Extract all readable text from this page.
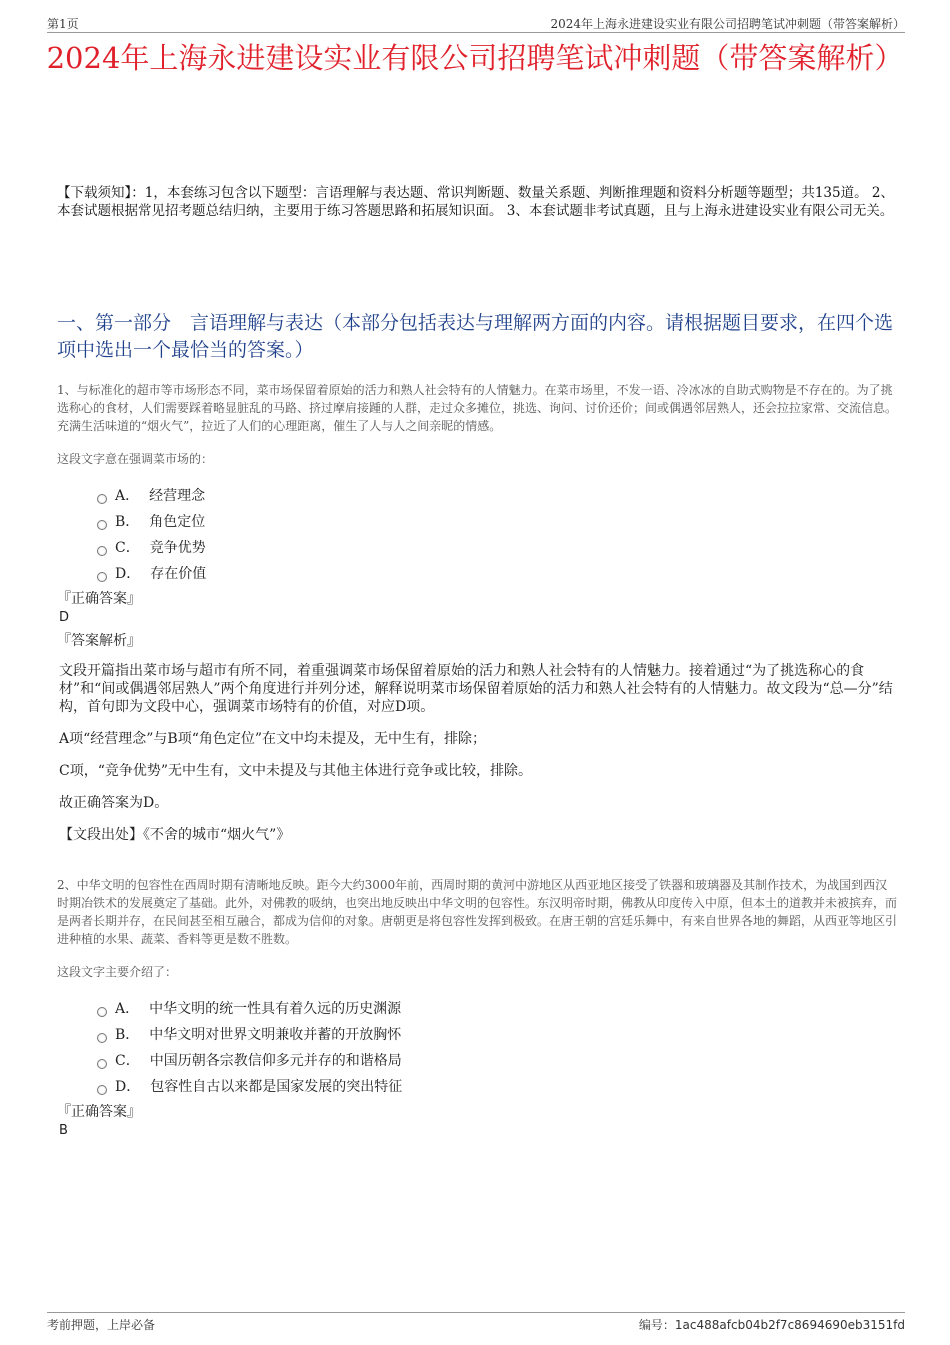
第1页	2024年上海永进建设实业有限公司招聘笔试冲刺题（带答案解析）
2024年上海永进建设实业有限公司招聘笔试冲刺题（带答案解析）

【下载须知】：1，本套练习包含以下题型：言语理解与表达题、常识判断题、数量关系题、判断推理题和资料分析题等题型；共135道。 2、本套试题根据常见招考题总结归纳，主要用于练习答题思路和拓展知识面。 3、本套试题非考试真题，且与上海永进建设实业有限公司无关。

一、第一部分　言语理解与表达（本部分包括表达与理解两方面的内容。请根据题目要求，在四个选项中选出一个最恰当的答案。）

1、与标准化的超市等市场形态不同，菜市场保留着原始的活力和熟人社会特有的人情魅力。在菜市场里，不发一语、冷冰冰的自助式购物是不存在的。为了挑选称心的食材，人们需要踩着略显脏乱的马路、挤过摩肩接踵的人群，走过众多摊位，挑选、询问、讨价还价；间或偶遇邻居熟人，还会拉拉家常、交流信息。充满生活味道的“烟火气”，拉近了人们的心理距离，催生了人与人之间亲昵的情感。

这段文字意在强调菜市场的：

A． 经营理念
B． 角色定位
C． 竞争优势
D． 存在价值

『正确答案』

D

『答案解析』

文段开篇指出菜市场与超市有所不同，着重强调菜市场保留着原始的活力和熟人社会特有的人情魅力。接着通过“为了挑选称心的食材”和“间或偶遇邻居熟人”两个角度进行并列分述，解释说明菜市场保留着原始的活力和熟人社会特有的人情魅力。故文段为“总—分”结构，首句即为文段中心，强调菜市场特有的价值，对应D项。

A项“经营理念”与B项“角色定位”在文中均未提及，无中生有，排除；

C项，“竞争优势”无中生有，文中未提及与其他主体进行竞争或比较，排除。

故正确答案为D。

【文段出处】《不舍的城市“烟火气”》

2、中华文明的包容性在西周时期有清晰地反映。距今大约3000年前，西周时期的黄河中游地区从西亚地区接受了铁器和玻璃器及其制作技术，为战国到西汉时期冶铁术的发展奠定了基础。此外，对佛教的吸纳，也突出地反映出中华文明的包容性。东汉明帝时期，佛教从印度传入中原，但本土的道教并未被摈弃，而是两者长期并存，在民间甚至相互融合，都成为信仰的对象。唐朝更是将包容性发挥到极致。在唐王朝的宫廷乐舞中，有来自世界各地的舞蹈，从西亚等地区引进种植的水果、蔬菜、香料等更是数不胜数。

这段文字主要介绍了：

A． 中华文明的统一性具有着久远的历史渊源
B． 中华文明对世界文明兼收并蓄的开放胸怀
C． 中国历朝各宗教信仰多元并存的和谐格局
D． 包容性自古以来都是国家发展的突出特征

『正确答案』

B

考前押题，上岸必备	编号：1ac488afcb04b2f7c8694690eb3151fd
